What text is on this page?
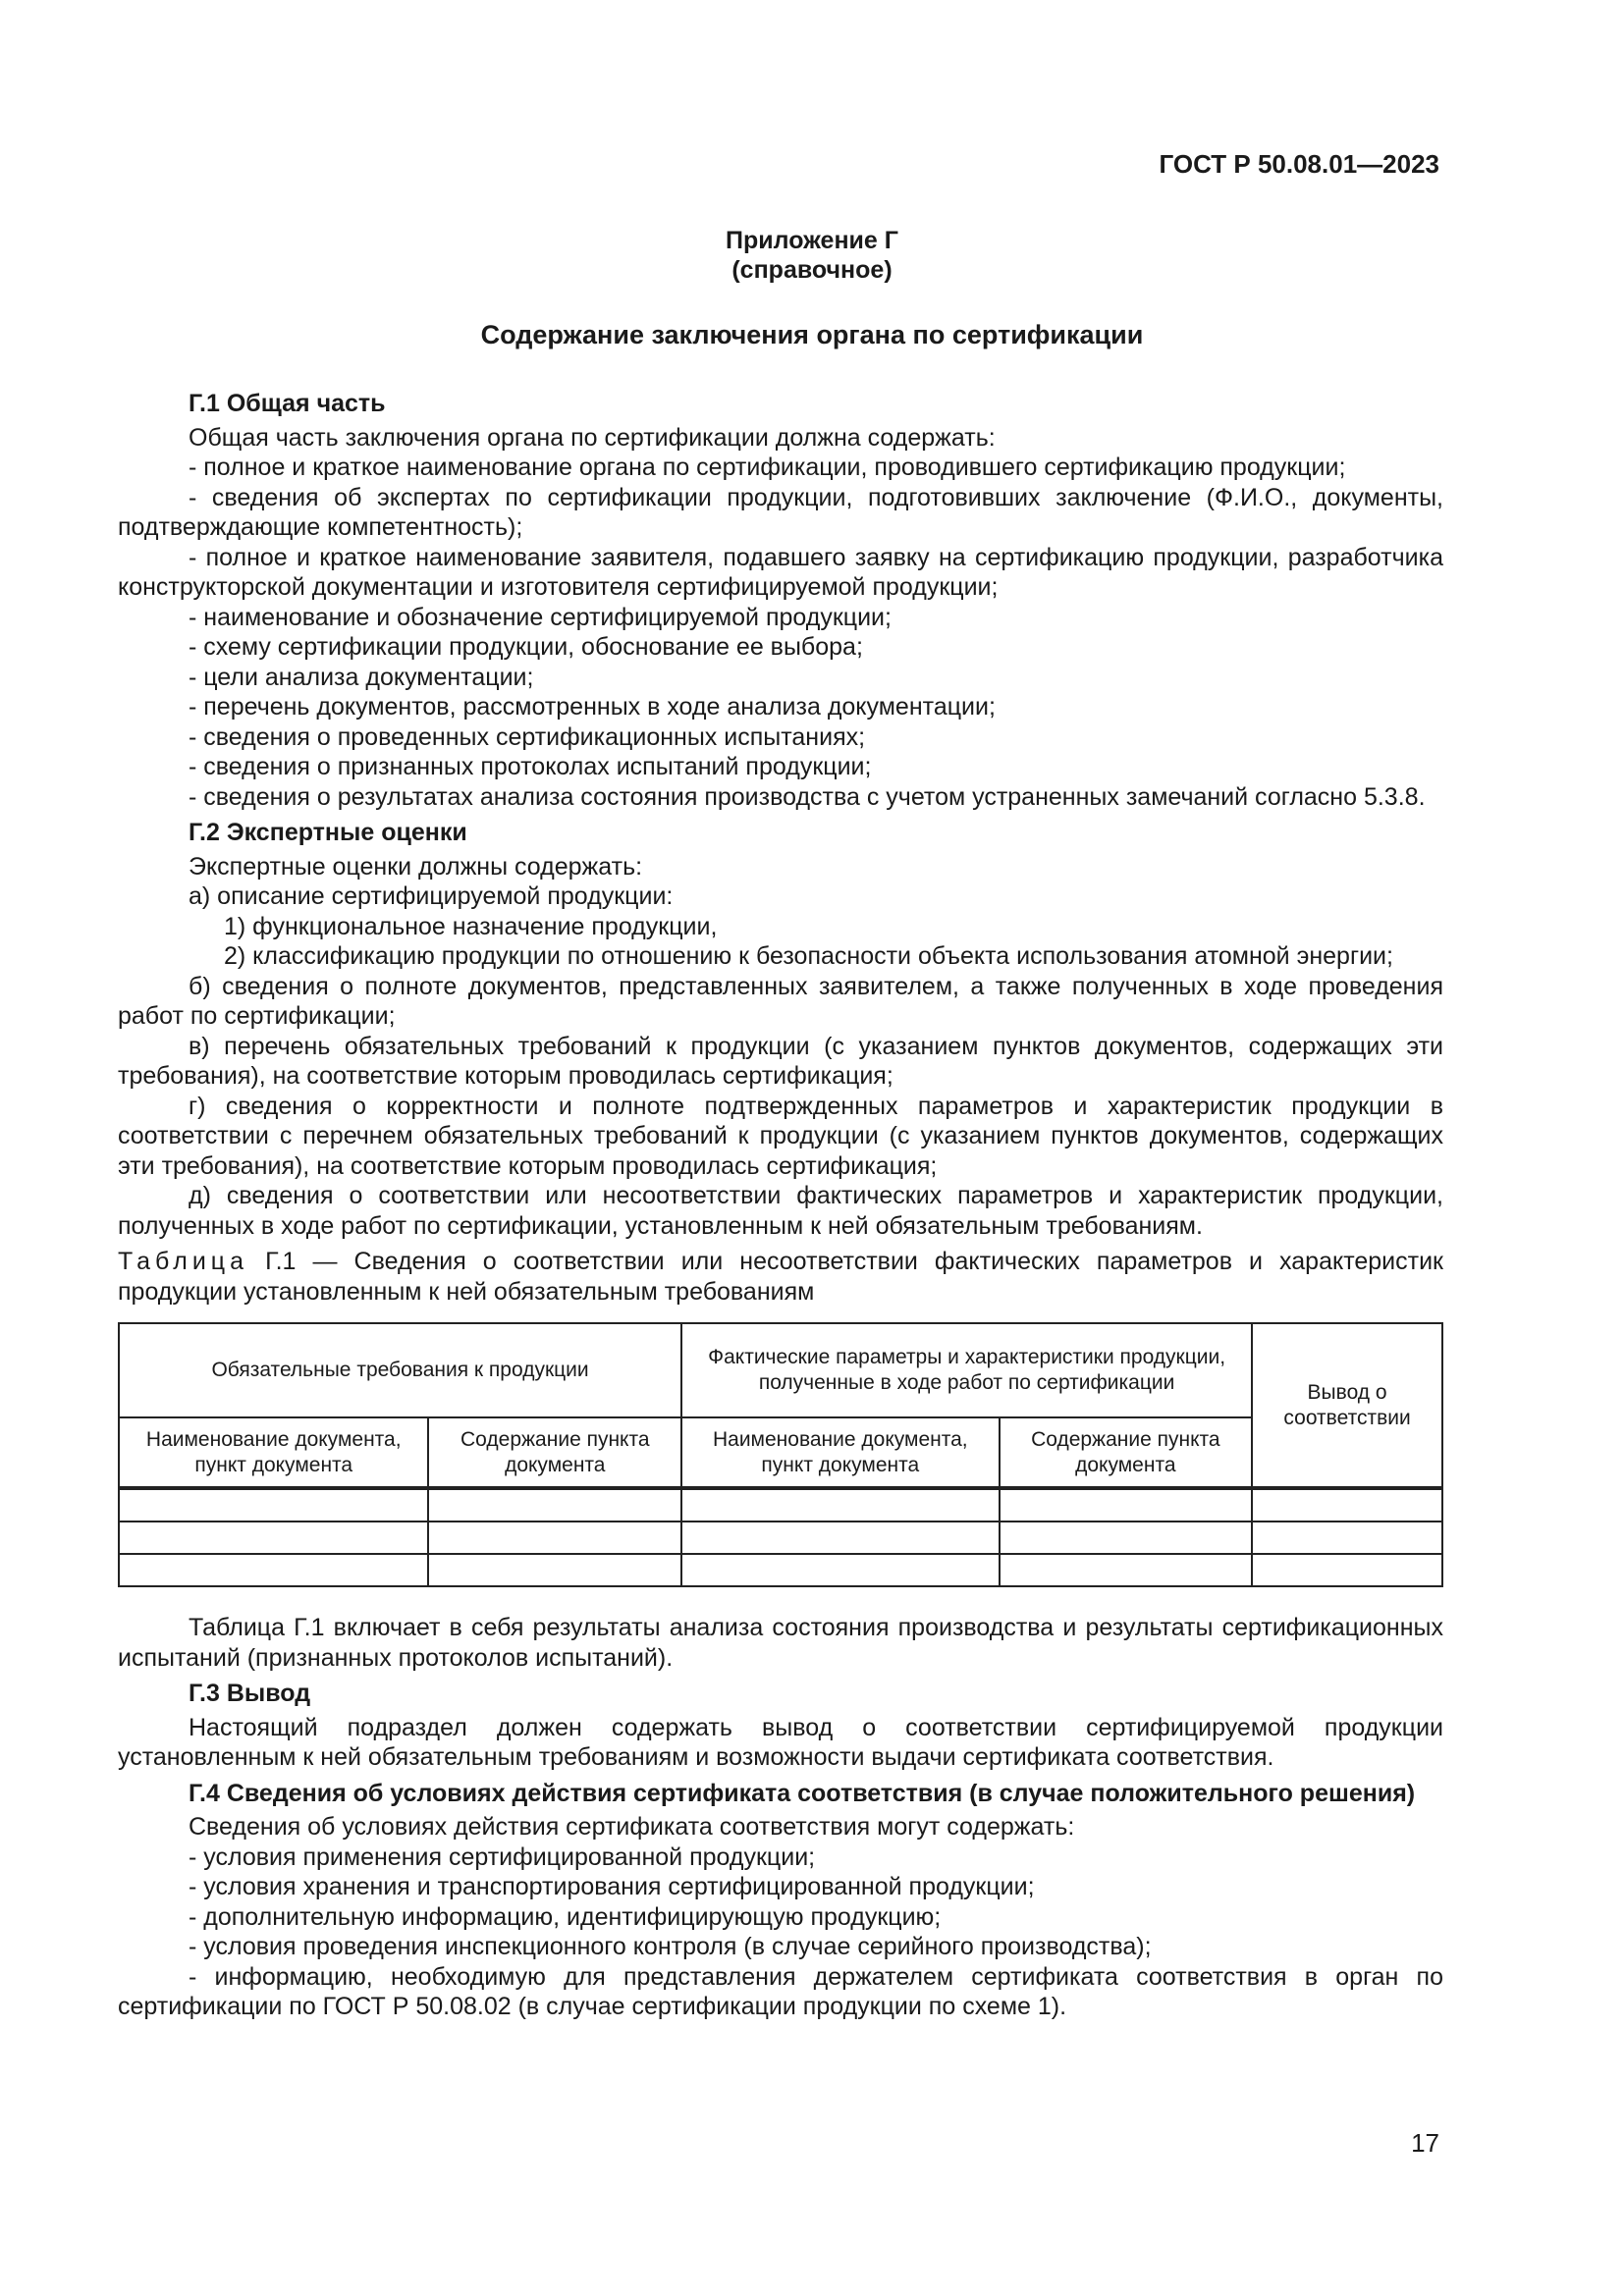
ГОСТ Р 50.08.01—2023
Приложение Г
(справочное)
Содержание заключения органа по сертификации

Г.1 Общая часть

Общая часть заключения органа по сертификации должна содержать:

- полное и краткое наименование органа по сертификации, проводившего сертификацию продукции;

- сведения об экспертах по сертификации продукции, подготовивших заключение (Ф.И.О., документы, подтверждающие компетентность);

- полное и краткое наименование заявителя, подавшего заявку на сертификацию продукции, разработчика конструкторской документации и изготовителя сертифицируемой продукции;

- наименование и обозначение сертифицируемой продукции;

- схему сертификации продукции, обоснование ее выбора;

- цели анализа документации;

- перечень документов, рассмотренных в ходе анализа документации;

- сведения о проведенных сертификационных испытаниях;

- сведения о признанных протоколах испытаний продукции;

- сведения о результатах анализа состояния производства с учетом устраненных замечаний согласно 5.3.8.

Г.2 Экспертные оценки

Экспертные оценки должны содержать:

а) описание сертифицируемой продукции:

1) функциональное назначение продукции,

2) классификацию продукции по отношению к безопасности объекта использования атомной энергии;

б) сведения о полноте документов, представленных заявителем, а также полученных в ходе проведения работ по сертификации;

в) перечень обязательных требований к продукции (с указанием пунктов документов, содержащих эти требования), на соответствие которым проводилась сертификация;

г) сведения о корректности и полноте подтвержденных параметров и характеристик продукции в соответствии с перечнем обязательных требований к продукции (с указанием пунктов документов, содержащих эти требования), на соответствие которым проводилась сертификация;

д) сведения о соответствии или несоответствии фактических параметров и характеристик продукции, полученных в ходе работ по сертификации, установленным к ней обязательным требованиям.

Таблица Г.1 — Сведения о соответствии или несоответствии фактических параметров и характеристик продукции установленным к ней обязательным требованиям

Обязательные требования к продукции		Фактические параметры и характеристики продукции, полученные в ходе работ по сертификации		Вывод о соответствии
Наименование документа, пункт документа	Содержание пункта документа	Наименование документа, пункт документа	Содержание пункта документа	

Таблица Г.1 включает в себя результаты анализа состояния производства и результаты сертификационных испытаний (признанных протоколов испытаний).

Г.3 Вывод

Настоящий подраздел должен содержать вывод о соответствии сертифицируемой продукции установленным к ней обязательным требованиям и возможности выдачи сертификата соответствия.

Г.4 Сведения об условиях действия сертификата соответствия (в случае положительного решения)

Сведения об условиях действия сертификата соответствия могут содержать:

- условия применения сертифицированной продукции;

- условия хранения и транспортирования сертифицированной продукции;

- дополнительную информацию, идентифицирующую продукцию;

- условия проведения инспекционного контроля (в случае серийного производства);

- информацию, необходимую для представления держателем сертификата соответствия в орган по сертификации по ГОСТ Р 50.08.02 (в случае сертификации продукции по схеме 1).

17
